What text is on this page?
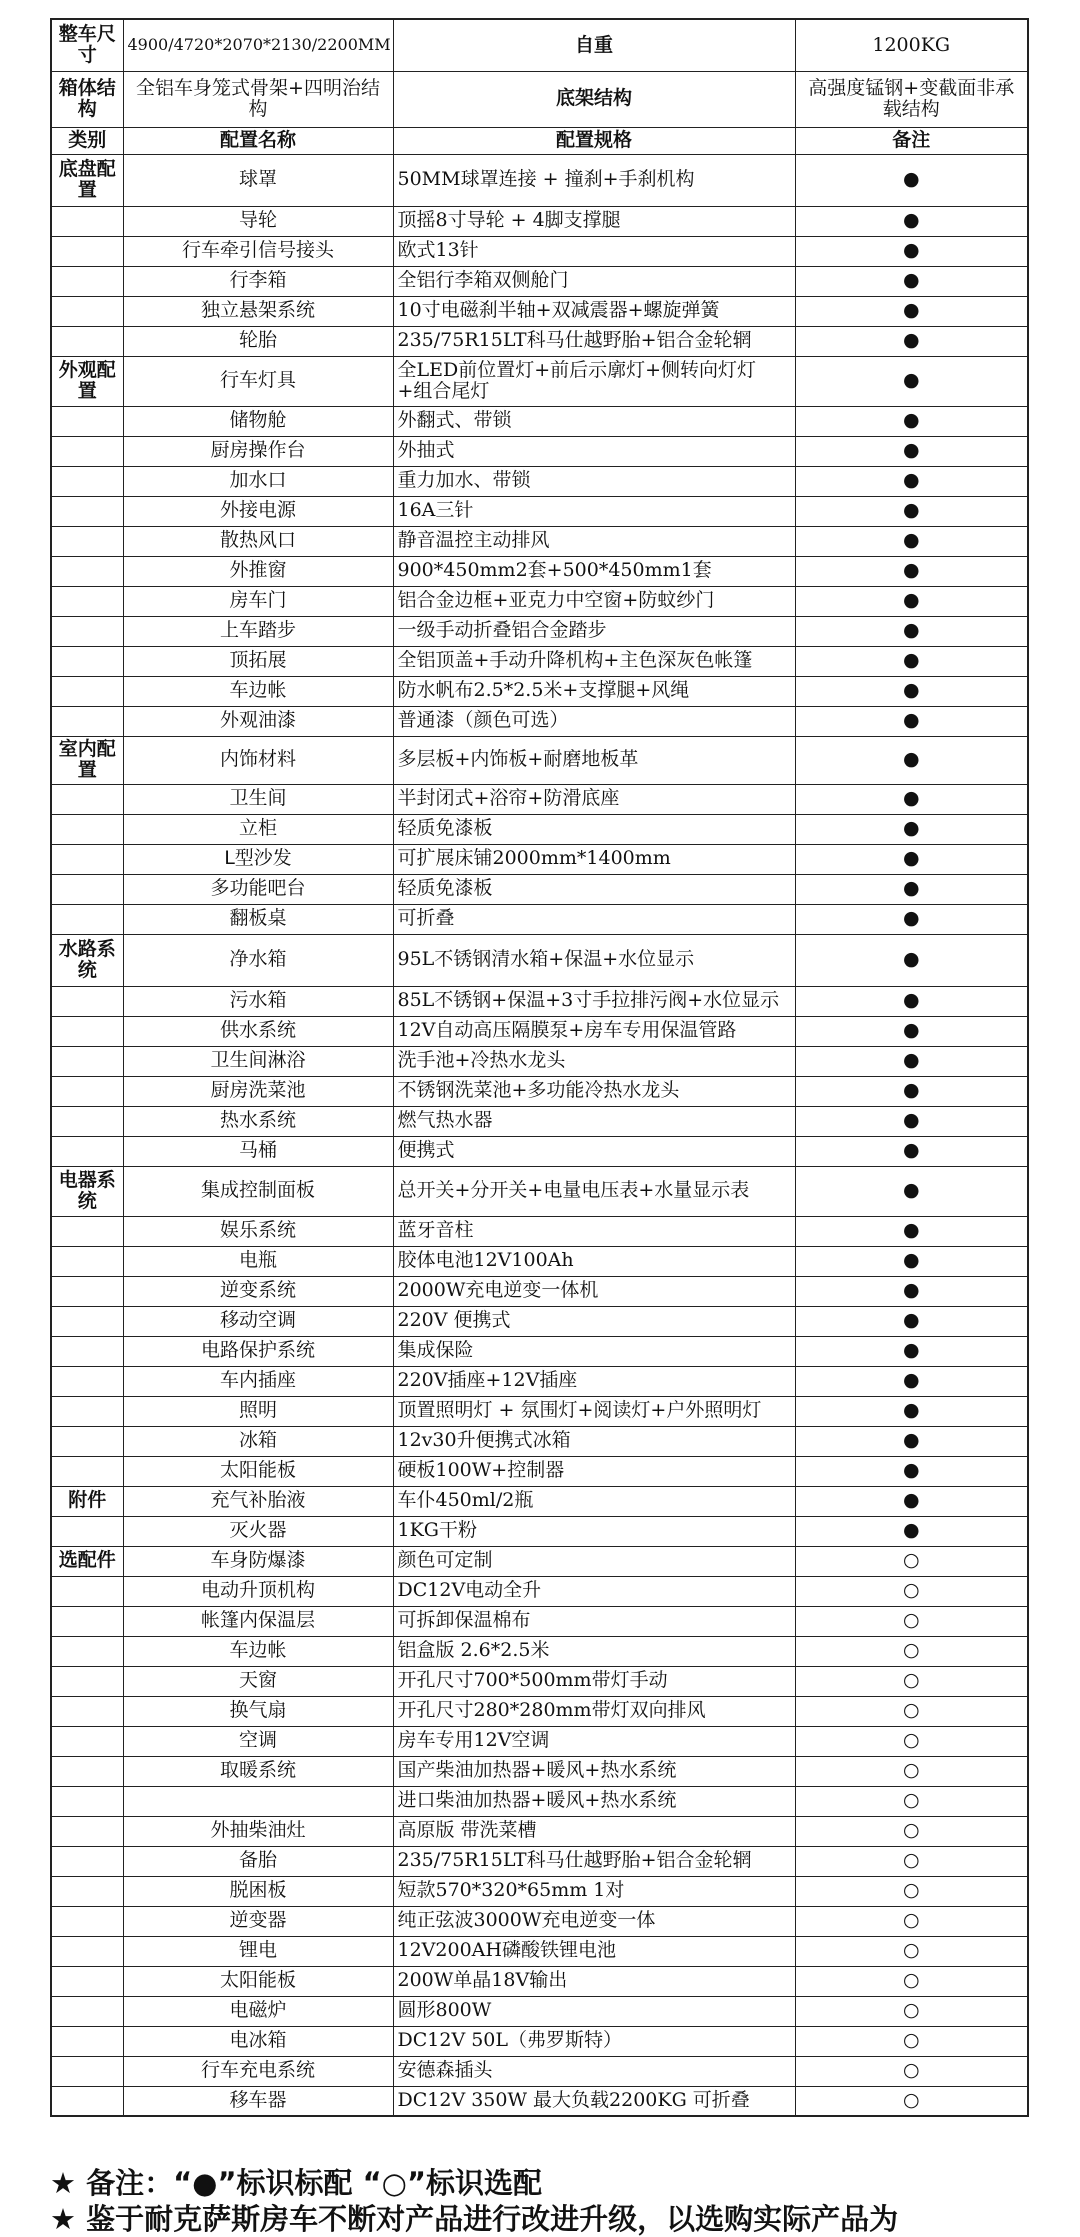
整车尺寸	4900/4720*2070*2130/2200MM	自重	1200KG
箱体结构	全铝车身笼式骨架+四明治结构	底架结构	高强度锰钢+变截面非承载结构
类别	配置名称	配置规格	备注
底盘配置	球罩	50MM球罩连接 + 撞刹+手刹机构	●
	导轮	顶摇8寸导轮 + 4脚支撑腿	●
	行车牵引信号接头	欧式13针	●
	行李箱	全铝行李箱双侧舱门	●
	独立悬架系统	10寸电磁刹半轴+双减震器+螺旋弹簧	●
	轮胎	235/75R15LT科马仕越野胎+铝合金轮辋	●
外观配置	行车灯具	全LED前位置灯+前后示廓灯+侧转向灯灯+组合尾灯	●
	储物舱	外翻式、带锁	●
	厨房操作台	外抽式	●
	加水口	重力加水、带锁	●
	外接电源	16A三针	●
	散热风口	静音温控主动排风	●
	外推窗	900*450mm2套+500*450mm1套	●
	房车门	铝合金边框+亚克力中空窗+防蚊纱门	●
	上车踏步	一级手动折叠铝合金踏步	●
	顶拓展	全铝顶盖+手动升降机构+主色深灰色帐篷	●
	车边帐	防水帆布2.5*2.5米+支撑腿+风绳	●
	外观油漆	普通漆（颜色可选）	●
室内配置	内饰材料	多层板+内饰板+耐磨地板革	●
	卫生间	半封闭式+浴帘+防滑底座	●
	立柜	轻质免漆板	●
	L型沙发	可扩展床铺2000mm*1400mm	●
	多功能吧台	轻质免漆板	●
	翻板桌	可折叠	●
水路系统	净水箱	95L不锈钢清水箱+保温+水位显示	●
	污水箱	85L不锈钢+保温+3寸手拉排污阀+水位显示	●
	供水系统	12V自动高压隔膜泵+房车专用保温管路	●
	卫生间淋浴	洗手池+冷热水龙头	●
	厨房洗菜池	不锈钢洗菜池+多功能冷热水龙头	●
	热水系统	燃气热水器	●
	马桶	便携式	●
电器系统	集成控制面板	总开关+分开关+电量电压表+水量显示表	●
	娱乐系统	蓝牙音柱	●
	电瓶	胶体电池12V100Ah	●
	逆变系统	2000W充电逆变一体机	●
	移动空调	220V 便携式	●
	电路保护系统	集成保险	●
	车内插座	220V插座+12V插座	●
	照明	顶置照明灯 + 氛围灯+阅读灯+户外照明灯	●
	冰箱	12v30升便携式冰箱	●
	太阳能板	硬板100W+控制器	●
附件	充气补胎液	车仆450ml/2瓶	●
	灭火器	1KG干粉	●
选配件	车身防爆漆	颜色可定制	○
	电动升顶机构	DC12V电动全升	○
	帐篷内保温层	可拆卸保温棉布	○
	车边帐	铝盒版 2.6*2.5米	○
	天窗	开孔尺寸700*500mm带灯手动	○
	换气扇	开孔尺寸280*280mm带灯双向排风	○
	空调	房车专用12V空调	○
	取暖系统	国产柴油加热器+暖风+热水系统	○
		进口柴油加热器+暖风+热水系统	○
	外抽柴油灶	高原版 带洗菜槽	○
	备胎	235/75R15LT科马仕越野胎+铝合金轮辋	○
	脱困板	短款570*320*65mm 1对	○
	逆变器	纯正弦波3000W充电逆变一体	○
	锂电	12V200AH磷酸铁锂电池	○
	太阳能板	200W单晶18V输出	○
	电磁炉	圆形800W	○
	电冰箱	DC12V 50L（弗罗斯特）	○
	行车充电系统	安德森插头	○
	移车器	DC12V 350W 最大负载2200KG 可折叠	○
★ 备注：“●”标识标配 “○”标识选配
★ 鉴于耐克萨斯房车不断对产品进行改进升级，以选购实际产品为
